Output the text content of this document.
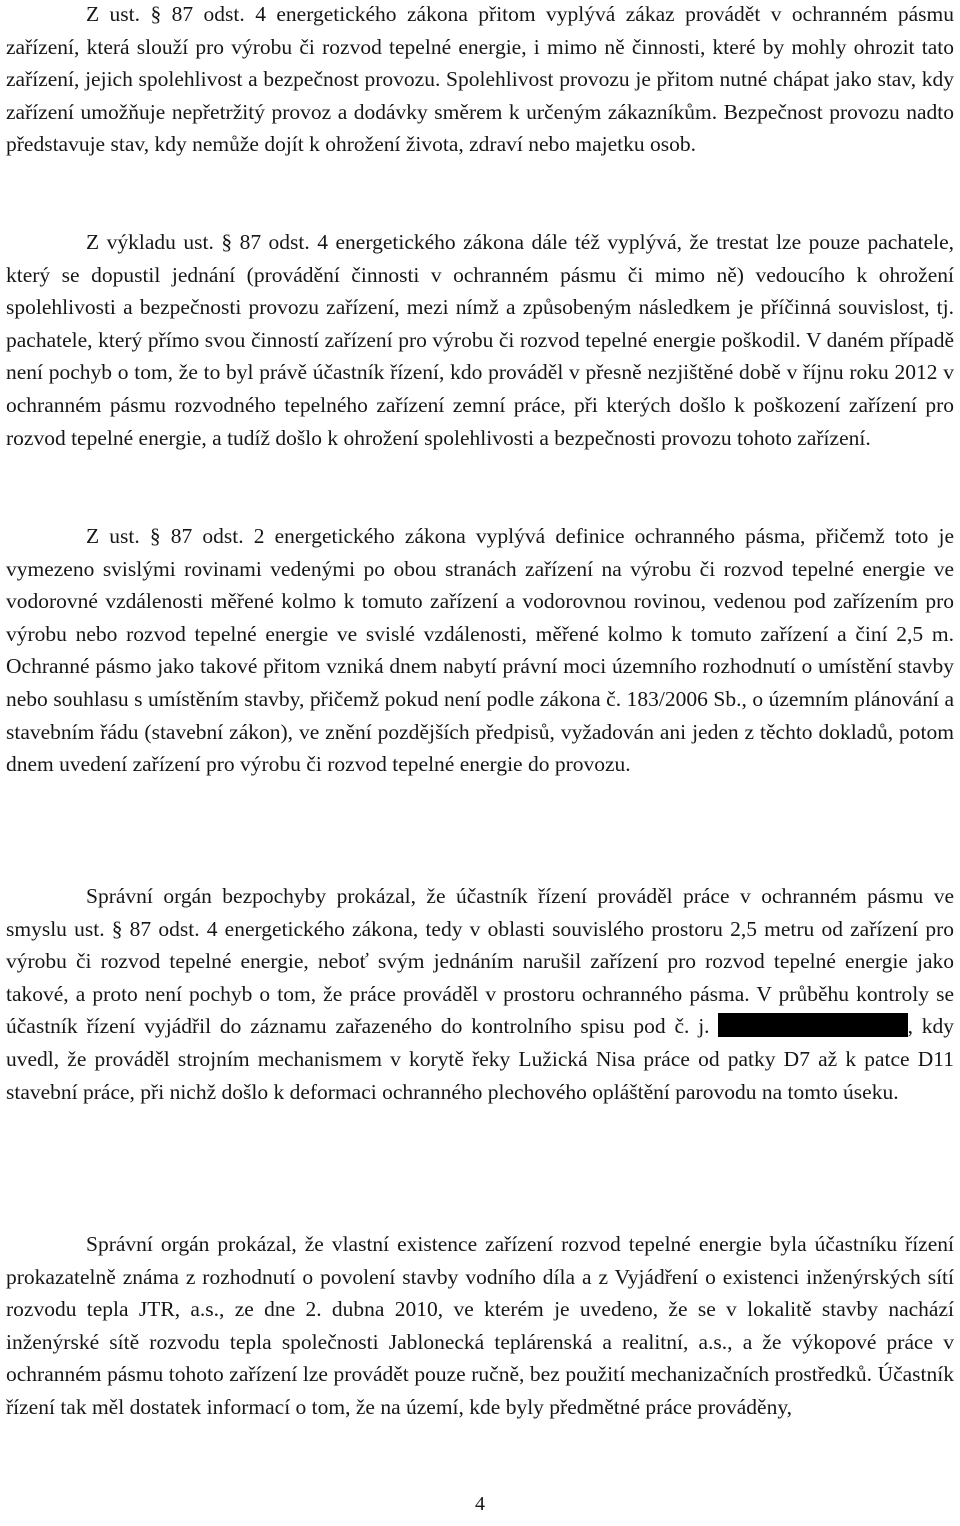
Z ust. § 87 odst. 4 energetického zákona přitom vyplývá zákaz provádět v ochranném pásmu zařízení, která slouží pro výrobu či rozvod tepelné energie, i mimo ně činnosti, které by mohly ohrozit tato zařízení, jejich spolehlivost a bezpečnost provozu. Spolehlivost provozu je přitom nutné chápat jako stav, kdy zařízení umožňuje nepřetržitý provoz a dodávky směrem k určeným zákazníkům. Bezpečnost provozu nadto představuje stav, kdy nemůže dojít k ohrožení života, zdraví nebo majetku osob.

Z výkladu ust. § 87 odst. 4 energetického zákona dále též vyplývá, že trestat lze pouze pachatele, který se dopustil jednání (provádění činnosti v ochranném pásmu či mimo ně) vedoucího k ohrožení spolehlivosti a bezpečnosti provozu zařízení, mezi nímž a způsobeným následkem je příčinná souvislost, tj. pachatele, který přímo svou činností zařízení pro výrobu či rozvod tepelné energie poškodil. V daném případě není pochyb o tom, že to byl právě účastník řízení, kdo prováděl v přesně nezjištěné době v říjnu roku 2012 v ochranném pásmu rozvodného tepelného zařízení zemní práce, při kterých došlo k poškození zařízení pro rozvod tepelné energie, a tudíž došlo k ohrožení spolehlivosti a bezpečnosti provozu tohoto zařízení.

Z ust. § 87 odst. 2 energetického zákona vyplývá definice ochranného pásma, přičemž toto je vymezeno svislými rovinami vedenými po obou stranách zařízení na výrobu či rozvod tepelné energie ve vodorovné vzdálenosti měřené kolmo k tomuto zařízení a vodorovnou rovinou, vedenou pod zařízením pro výrobu nebo rozvod tepelné energie ve svislé vzdálenosti, měřené kolmo k tomuto zařízení a činí 2,5 m. Ochranné pásmo jako takové přitom vzniká dnem nabytí právní moci územního rozhodnutí o umístění stavby nebo souhlasu s umístěním stavby, přičemž pokud není podle zákona č. 183/2006 Sb., o územním plánování a stavebním řádu (stavební zákon), ve znění pozdějších předpisů, vyžadován ani jeden z těchto dokladů, potom dnem uvedení zařízení pro výrobu či rozvod tepelné energie do provozu.

Správní orgán bezpochyby prokázal, že účastník řízení prováděl práce v ochranném pásmu ve smyslu ust. § 87 odst. 4 energetického zákona, tedy v oblasti souvislého prostoru 2,5 metru od zařízení pro výrobu či rozvod tepelné energie, neboť svým jednáním narušil zařízení pro rozvod tepelné energie jako takové, a proto není pochyb o tom, že práce prováděl v prostoru ochranného pásma. V průběhu kontroly se účastník řízení vyjádřil do záznamu zařazeného do kontrolního spisu pod č. j.	, kdy uvedl, že prováděl strojním mechanismem v korytě řeky Lužická Nisa práce od patky D7 až k patce D11 stavební práce, při nichž došlo k deformaci ochranného plechového opláštění parovodu na tomto úseku.

Správní orgán prokázal, že vlastní existence zařízení rozvod tepelné energie byla účastníku řízení prokazatelně známa z rozhodnutí o povolení stavby vodního díla a z Vyjádření o existenci inženýrských sítí rozvodu tepla JTR, a.s., ze dne 2. dubna 2010, ve kterém je uvedeno, že se v lokalitě stavby nachází inženýrské sítě rozvodu tepla společnosti Jablonecká teplárenská a realitní, a.s., a že výkopové práce v ochranném pásmu tohoto zařízení lze provádět pouze ručně, bez použití mechanizačních prostředků. Účastník řízení tak měl dostatek informací o tom, že na území, kde byly předmětné práce prováděny,

4
